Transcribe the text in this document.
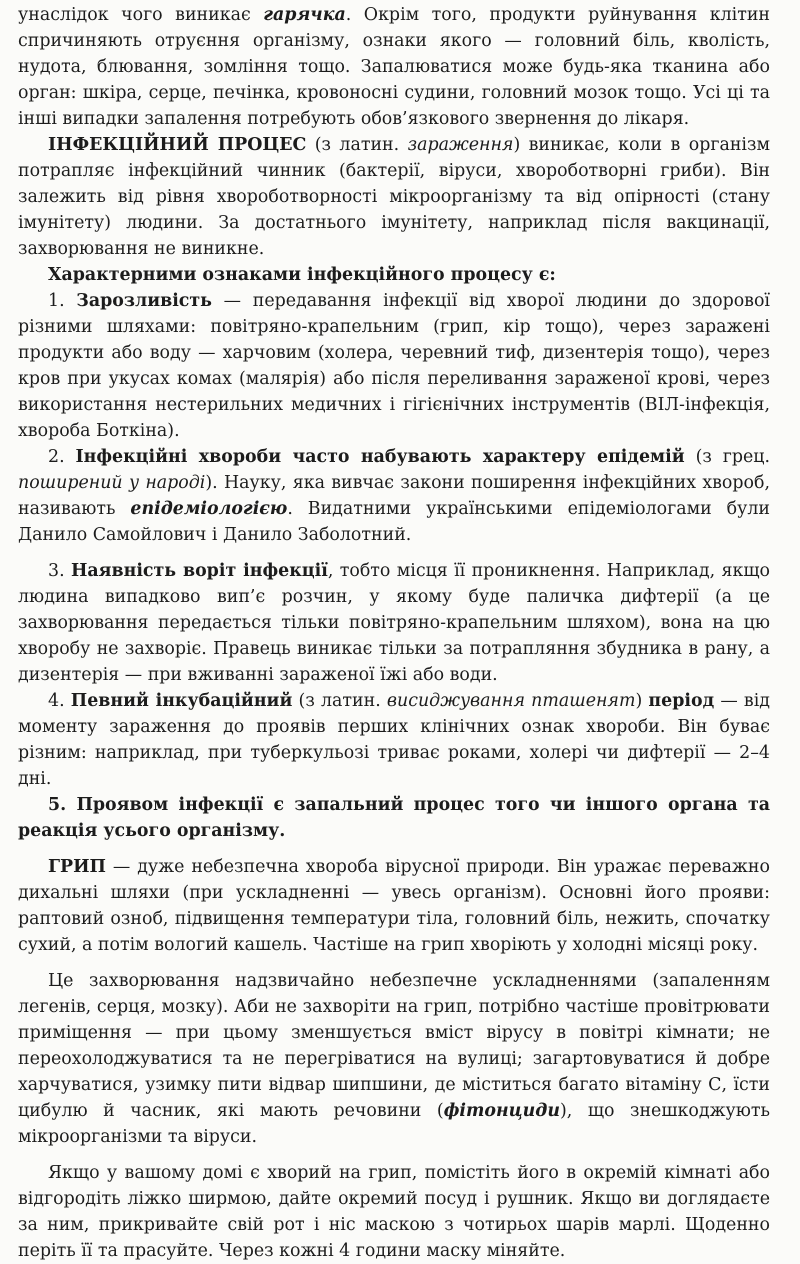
унаслідок чого виникає гарячка. Окрім того, продукти руйнування клітин спричиняють отруєння організму, ознаки якого — головний біль, кволість, нудота, блювання, зомління тощо. Запалюватися може будь-яка тканина або орган: шкіра, серце, печінка, кровоносні судини, головний мозок тощо. Усі ці та інші випадки запалення потребують обов’язкового звернення до лікаря.

ІНФЕКЦІЙНИЙ ПРОЦЕС (з латин. зараження) виникає, коли в організм потрапляє інфекційний чинник (бактерії, віруси, хвороботворні гриби). Він залежить від рівня хвороботворності мікроорганізму та від опірності (стану імунітету) людини. За достатнього імунітету, наприклад після вакцинації, захворювання не виникне.

Характерними ознаками інфекційного процесу є:

1. Зарозливість — передавання інфекції від хворої людини до здорової різними шляхами: повітряно-крапельним (грип, кір тощо), через заражені продукти або воду — харчовим (холера, черевний тиф, дизентерія тощо), через кров при укусах комах (малярія) або після переливання зараженої крові, через використання нестерильних медичних і гігієнічних інструментів (ВІЛ-інфекція, хвороба Боткіна).

2. Інфекційні хвороби часто набувають характеру епідемій (з грец. поширений у народі). Науку, яка вивчає закони поширення інфекційних хвороб, називають епідеміологією. Видатними українськими епідеміологами були Данило Самойлович і Данило Заболотний.

3. Наявність воріт інфекції, тобто місця її проникнення. Наприклад, якщо людина випадково вип’є розчин, у якому буде паличка дифтерії (а це захворювання передається тільки повітряно-крапельним шляхом), вона на цю хворобу не захворіє. Правець виникає тільки за потрапляння збудника в рану, а дизентерія — при вживанні зараженої їжі або води.

4. Певний інкубаційний (з латин. висиджування пташенят) період — від моменту зараження до проявів перших клінічних ознак хвороби. Він буває різним: наприклад, при туберкульозі триває роками, холері чи дифтерії — 2–4 дні.

5. Проявом інфекції є запальний процес того чи іншого органа та реакція усього організму.

ГРИП — дуже небезпечна хвороба вірусної природи. Він уражає переважно дихальні шляхи (при ускладненні — увесь організм). Основні його прояви: раптовий озноб, підвищення температури тіла, головний біль, нежить, спочатку сухий, а потім вологий кашель. Частіше на грип хворіють у холодні місяці року.

Це захворювання надзвичайно небезпечне ускладненнями (запаленням легенів, серця, мозку). Аби не захворіти на грип, потрібно частіше провітрювати приміщення — при цьому зменшується вміст вірусу в повітрі кімнати; не переохолоджуватися та не перегріватися на вулиці; загартовуватися й добре харчуватися, узимку пити відвар шипшини, де міститься багато вітаміну С, їсти цибулю й часник, які мають речовини (фітонциди), що знешкоджують мікроорганізми та віруси.

Якщо у вашому домі є хворий на грип, помістіть його в окремій кімнаті або відгородіть ліжко ширмою, дайте окремий посуд і рушник. Якщо ви доглядаєте за ним, прикривайте свій рот і ніс маскою з чотирьох шарів марлі. Щоденно періть її та прасуйте. Через кожні 4 години маску міняйте.
